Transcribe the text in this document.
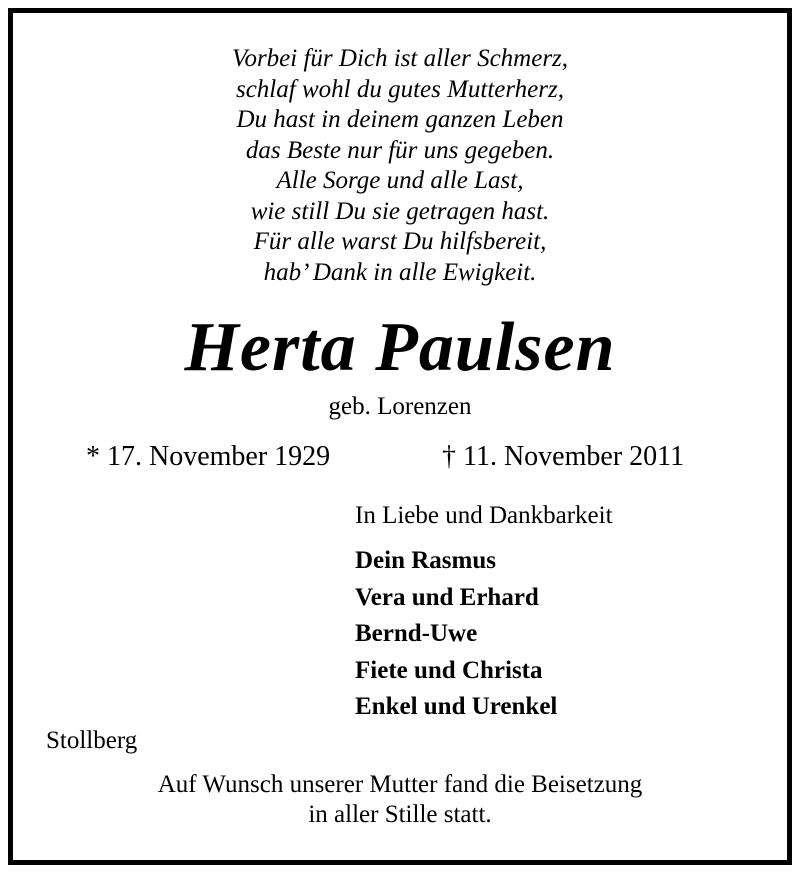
Vorbei für Dich ist aller Schmerz,
schlaf wohl du gutes Mutterherz,
Du hast in deinem ganzen Leben
das Beste nur für uns gegeben.
Alle Sorge und alle Last,
wie still Du sie getragen hast.
Für alle warst Du hilfsbereit,
hab’ Dank in alle Ewigkeit.
Herta Paulsen
geb. Lorenzen
* 17. November 1929	† 11. November 2011
In Liebe und Dankbarkeit
Dein Rasmus
Vera und Erhard
Bernd-Uwe
Fiete und Christa
Enkel und Urenkel
Stollberg
Auf Wunsch unserer Mutter fand die Beisetzung
in aller Stille statt.
